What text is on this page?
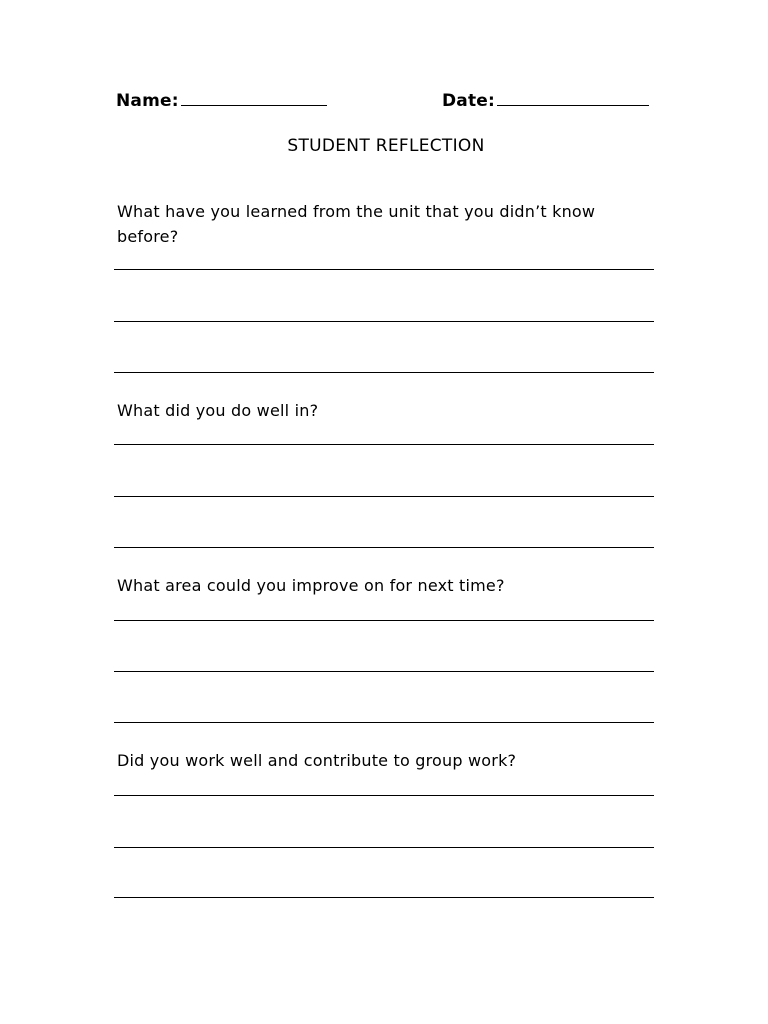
Name:	Date:
STUDENT REFLECTION
What have you learned from the unit that you didn’t know before?
What did you do well in?
What area could you improve on for next time?
Did you work well and contribute to group work?
